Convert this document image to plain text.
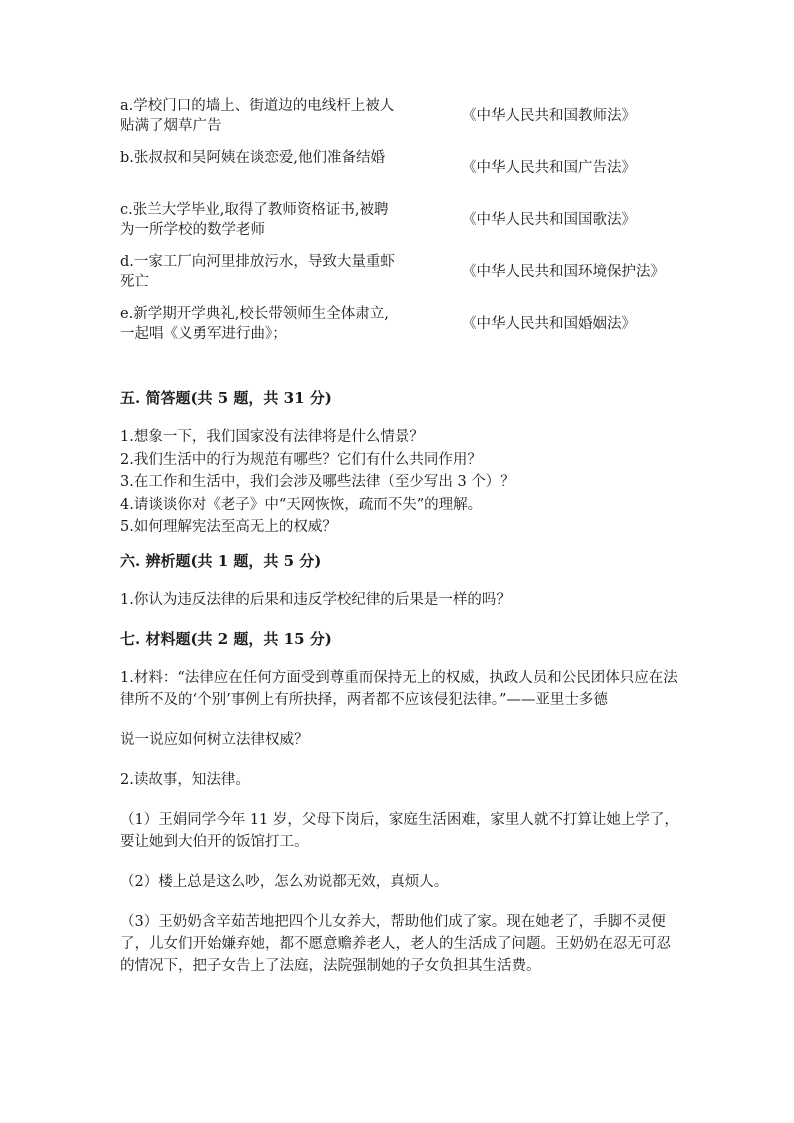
a.学校门口的墙上、街道边的电线杆上被人贴满了烟草广告
《中华人民共和国教师法》
b.张叔叔和吴阿姨在谈恋爱,他们准备结婚
《中华人民共和国广告法》
c.张兰大学毕业,取得了教师资格证书,被聘为一所学校的数学老师
《中华人民共和国国歌法》
d.一家工厂向河里排放污水，导致大量重虾死亡
《中华人民共和国环境保护法》
e.新学期开学典礼,校长带领师生全体肃立,一起唱《义勇军进行曲》；
《中华人民共和国婚姻法》
五. 简答题(共 5 题，共 31 分)
1.想象一下，我们国家没有法律将是什么情景？
2.我们生活中的行为规范有哪些？它们有什么共同作用？
3.在工作和生活中，我们会涉及哪些法律（至少写出 3 个）？
4.请谈谈你对《老子》中“天网恢恢，疏而不失”的理解。
5.如何理解宪法至高无上的权威？
六. 辨析题(共 1 题，共 5 分)
1.你认为违反法律的后果和违反学校纪律的后果是一样的吗？
七. 材料题(共 2 题，共 15 分)
1.材料：“法律应在任何方面受到尊重而保持无上的权威，执政人员和公民团体只应在法律所不及的‘个别’事例上有所抉择，两者都不应该侵犯法律。”——亚里士多德
说一说应如何树立法律权威？
2.读故事，知法律。
（1）王娟同学今年 11 岁，父母下岗后，家庭生活困难，家里人就不打算让她上学了，要让她到大伯开的饭馆打工。
（2）楼上总是这么吵，怎么劝说都无效，真烦人。
（3）王奶奶含辛茹苦地把四个儿女养大，帮助他们成了家。现在她老了，手脚不灵便了，儿女们开始嫌弃她，都不愿意赡养老人，老人的生活成了问题。王奶奶在忍无可忍的情况下，把子女告上了法庭，法院强制她的子女负担其生活费。
